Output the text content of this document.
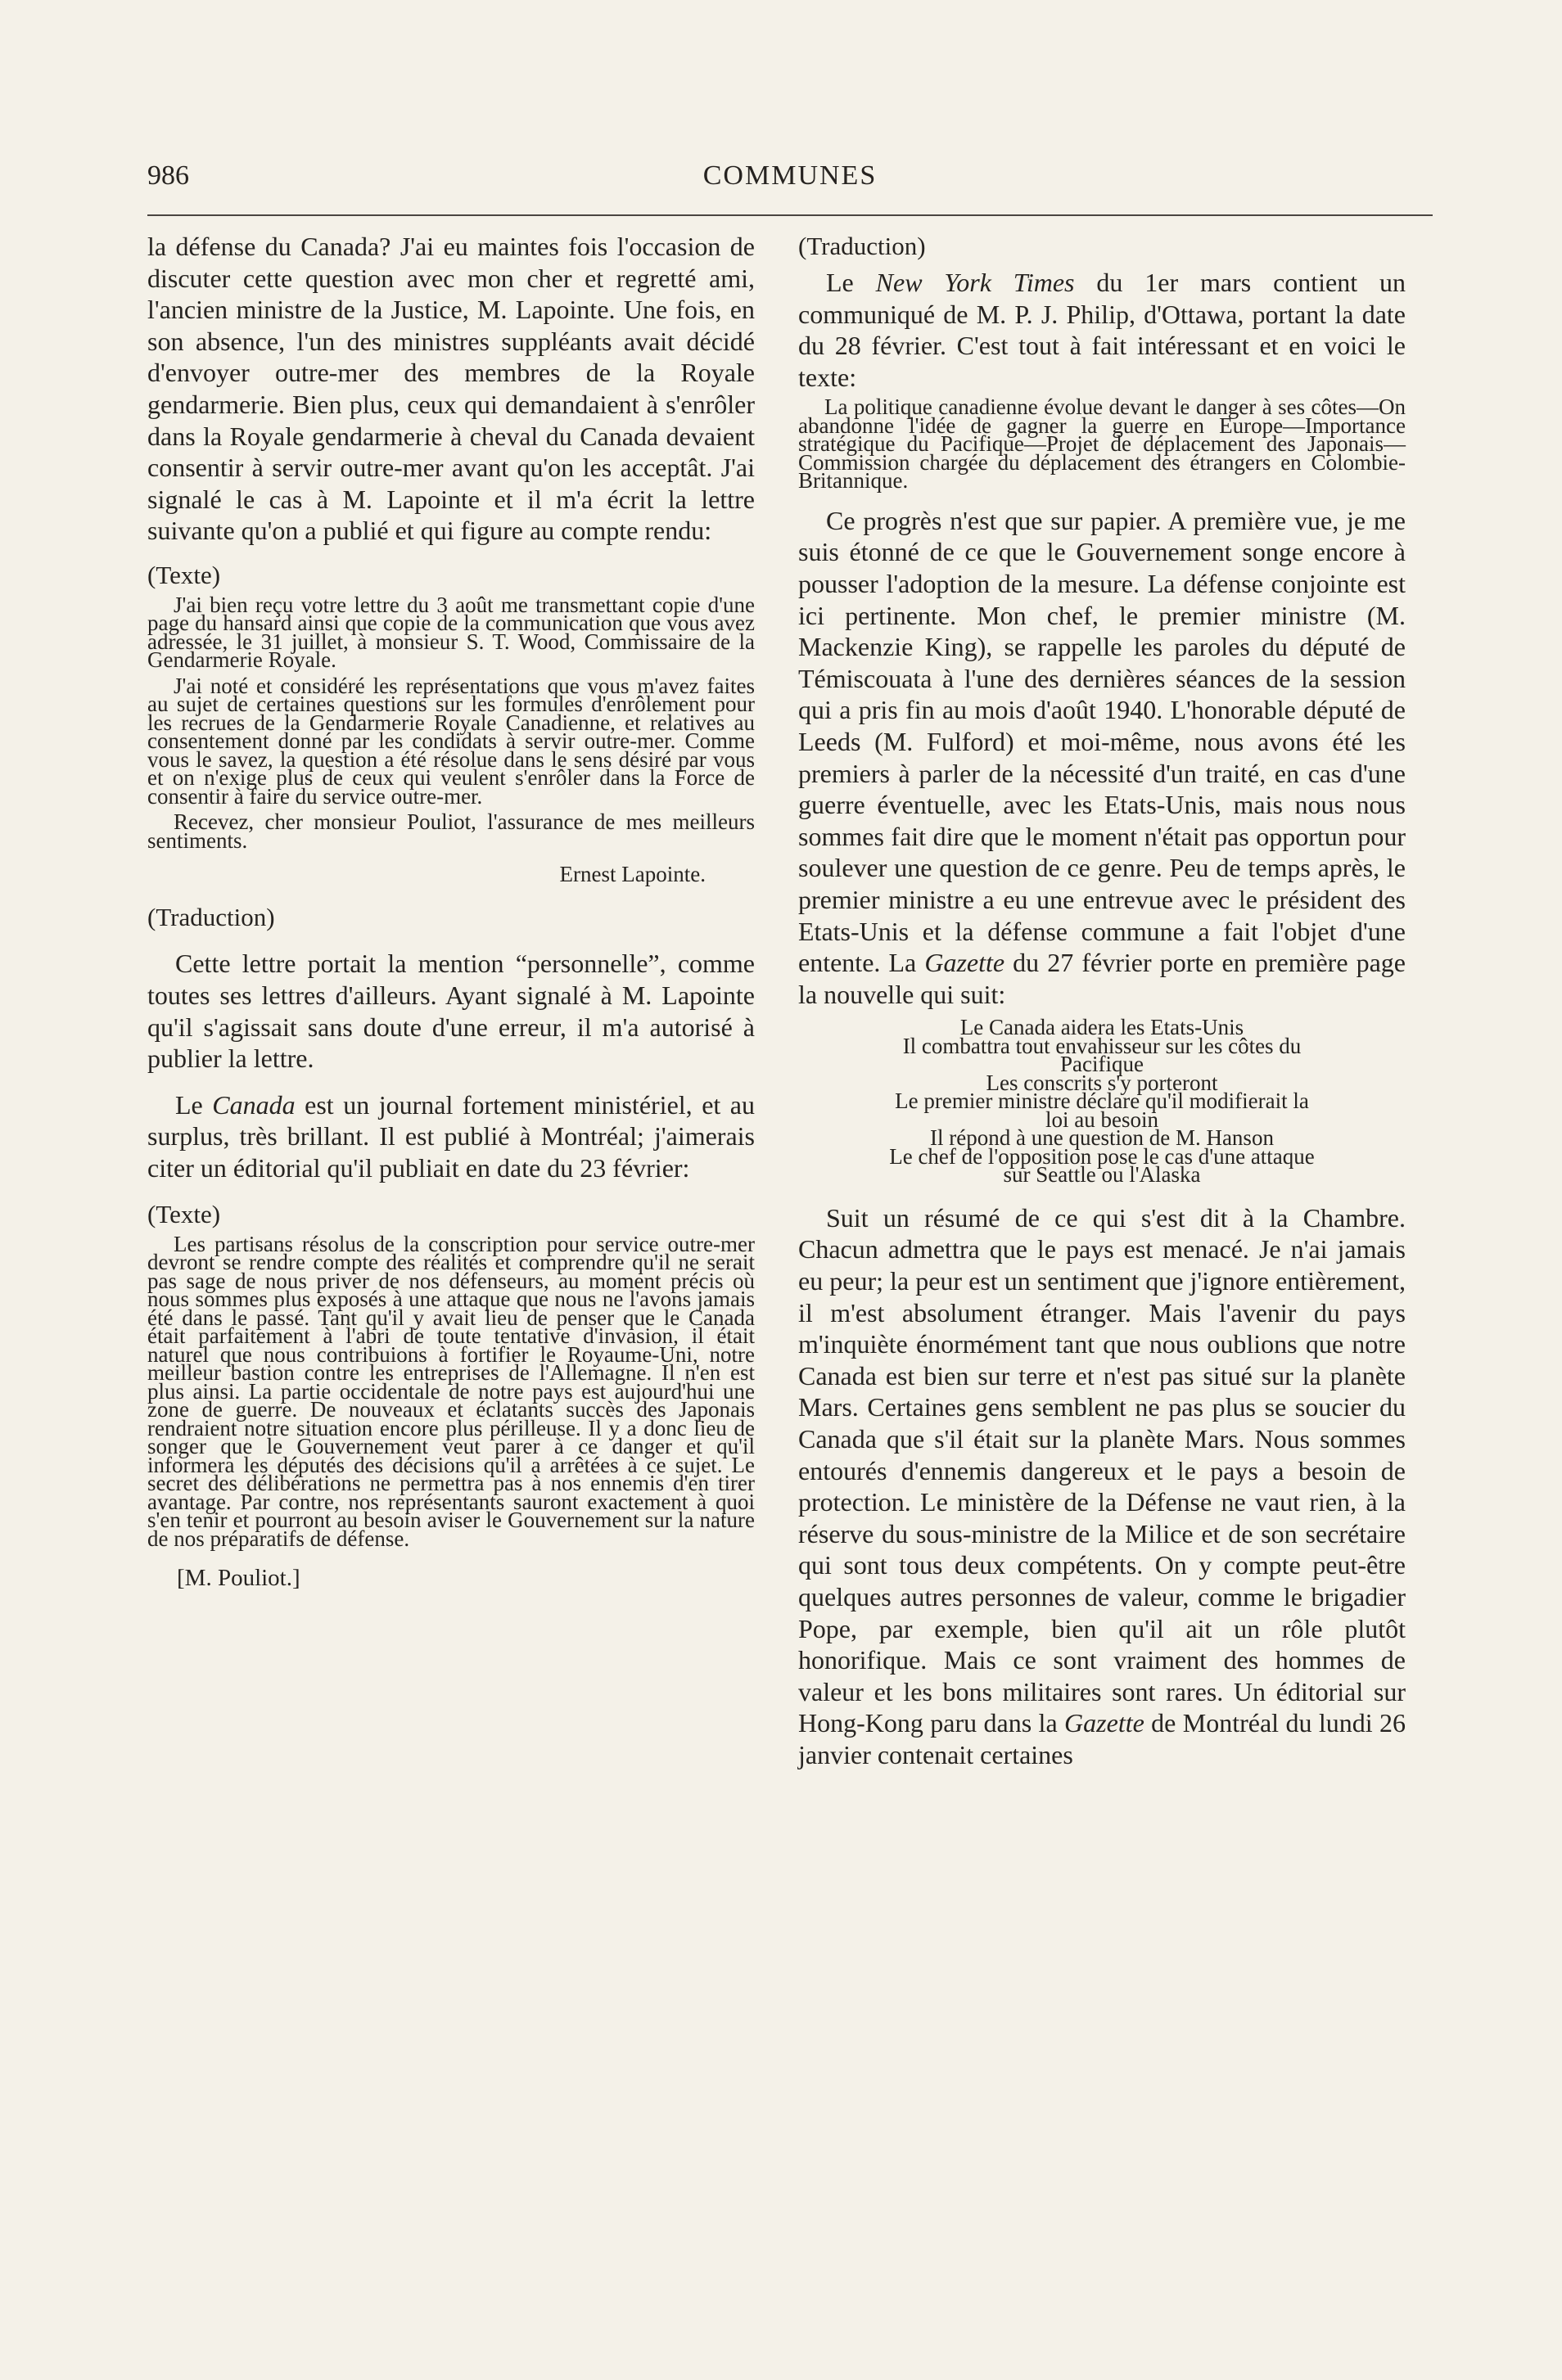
986	COMMUNES

la défense du Canada? J'ai eu maintes fois l'occasion de discuter cette question avec mon cher et regretté ami, l'ancien ministre de la Justice, M. Lapointe. Une fois, en son absence, l'un des ministres suppléants avait décidé d'envoyer outre-mer des membres de la Royale gendarmerie. Bien plus, ceux qui demandaient à s'enrôler dans la Royale gendarmerie à cheval du Canada devaient consentir à servir outre-mer avant qu'on les acceptât. J'ai signalé le cas à M. Lapointe et il m'a écrit la lettre suivante qu'on a publié et qui figure au compte rendu:

(Texte)

J'ai bien reçu votre lettre du 3 août me transmettant copie d'une page du hansard ainsi que copie de la communication que vous avez adressée, le 31 juillet, à monsieur S. T. Wood, Commissaire de la Gendarmerie Royale.

J'ai noté et considéré les représentations que vous m'avez faites au sujet de certaines questions sur les formules d'enrôlement pour les recrues de la Gendarmerie Royale Canadienne, et relatives au consentement donné par les condidats à servir outre-mer. Comme vous le savez, la question a été résolue dans le sens désiré par vous et on n'exige plus de ceux qui veulent s'enrôler dans la Force de consentir à faire du service outre-mer.

Recevez, cher monsieur Pouliot, l'assurance de mes meilleurs sentiments.

Ernest Lapointe.
(Traduction)

Cette lettre portait la mention “personnelle”, comme toutes ses lettres d'ailleurs. Ayant signalé à M. Lapointe qu'il s'agissait sans doute d'une erreur, il m'a autorisé à publier la lettre.

Le Canada est un journal fortement ministériel, et au surplus, très brillant. Il est publié à Montréal; j'aimerais citer un éditorial qu'il publiait en date du 23 février:

(Texte)

Les partisans résolus de la conscription pour service outre-mer devront se rendre compte des réalités et comprendre qu'il ne serait pas sage de nous priver de nos défenseurs, au moment précis où nous sommes plus exposés à une attaque que nous ne l'avons jamais été dans le passé. Tant qu'il y avait lieu de penser que le Canada était parfaitement à l'abri de toute tentative d'invasion, il était naturel que nous contribuions à fortifier le Royaume-Uni, notre meilleur bastion contre les entreprises de l'Allemagne. Il n'en est plus ainsi. La partie occidentale de notre pays est aujourd'hui une zone de guerre. De nouveaux et éclatants succès des Japonais rendraient notre situation encore plus périlleuse. Il y a donc lieu de songer que le Gouvernement veut parer à ce danger et qu'il informera les députés des décisions qu'il a arrêtées à ce sujet. Le secret des délibérations ne permettra pas à nos ennemis d'en tirer avantage. Par contre, nos représentants sauront exactement à quoi s'en tenir et pourront au besoin aviser le Gouvernement sur la nature de nos préparatifs de défense.

[M. Pouliot.]
(Traduction)

Le New York Times du 1er mars contient un communiqué de M. P. J. Philip, d'Ottawa, portant la date du 28 février. C'est tout à fait intéressant et en voici le texte:

La politique canadienne évolue devant le danger à ses côtes—On abandonne l'idée de gagner la guerre en Europe—Importance stratégique du Pacifique—Projet de déplacement des Japonais—Commission chargée du déplacement des étrangers en Colombie-Britannique.

Ce progrès n'est que sur papier. A première vue, je me suis étonné de ce que le Gouvernement songe encore à pousser l'adoption de la mesure. La défense conjointe est ici pertinente. Mon chef, le premier ministre (M. Mackenzie King), se rappelle les paroles du député de Témiscouata à l'une des dernières séances de la session qui a pris fin au mois d'août 1940. L'honorable député de Leeds (M. Fulford) et moi-même, nous avons été les premiers à parler de la nécessité d'un traité, en cas d'une guerre éventuelle, avec les Etats-Unis, mais nous nous sommes fait dire que le moment n'était pas opportun pour soulever une question de ce genre. Peu de temps après, le premier ministre a eu une entrevue avec le président des Etats-Unis et la défense commune a fait l'objet d'une entente. La Gazette du 27 février porte en première page la nouvelle qui suit:

Le Canada aidera les Etats-Unis
Il combattra tout envahisseur sur les côtes du
Pacifique
Les conscrits s'y porteront
Le premier ministre déclare qu'il modifierait la
loi au besoin
Il répond à une question de M. Hanson
Le chef de l'opposition pose le cas d'une attaque
sur Seattle ou l'Alaska

Suit un résumé de ce qui s'est dit à la Chambre. Chacun admettra que le pays est menacé. Je n'ai jamais eu peur; la peur est un sentiment que j'ignore entièrement, il m'est absolument étranger. Mais l'avenir du pays m'inquiète énormément tant que nous oublions que notre Canada est bien sur terre et n'est pas situé sur la planète Mars. Certaines gens semblent ne pas plus se soucier du Canada que s'il était sur la planète Mars. Nous sommes entourés d'ennemis dangereux et le pays a besoin de protection. Le ministère de la Défense ne vaut rien, à la réserve du sous-ministre de la Milice et de son secrétaire qui sont tous deux compétents. On y compte peut-être quelques autres personnes de valeur, comme le brigadier Pope, par exemple, bien qu'il ait un rôle plutôt honorifique. Mais ce sont vraiment des hommes de valeur et les bons militaires sont rares. Un éditorial sur Hong-Kong paru dans la Gazette de Montréal du lundi 26 janvier contenait certaines
